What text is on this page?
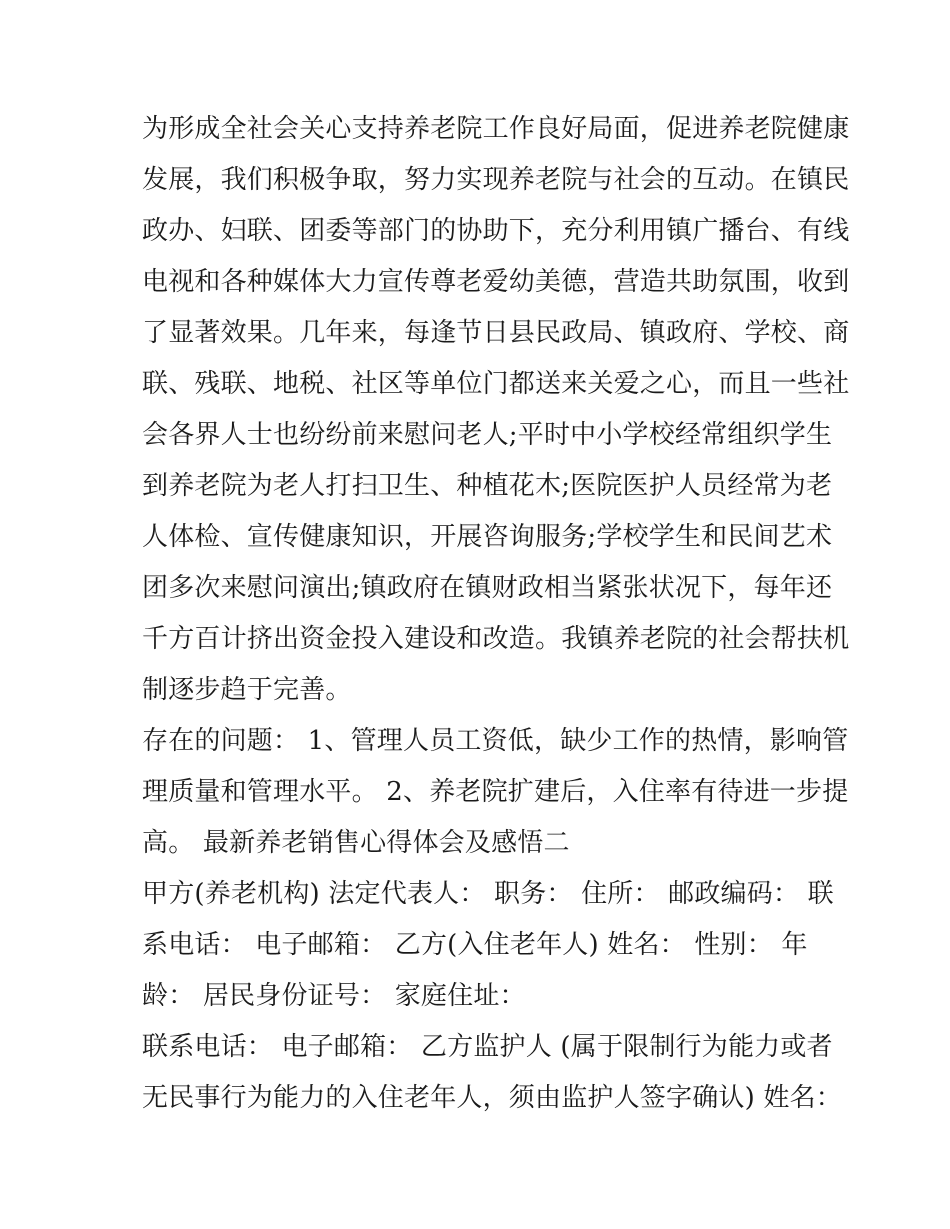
为形成全社会关心支持养老院工作良好局面，促进养老院健康
发展，我们积极争取，努力实现养老院与社会的互动。在镇民
政办、妇联、团委等部门的协助下，充分利用镇广播台、有线
电视和各种媒体大力宣传尊老爱幼美德，营造共助氛围，收到
了显著效果。几年来，每逢节日县民政局、镇政府、学校、商
联、残联、地税、社区等单位门都送来关爱之心，而且一些社
会各界人士也纷纷前来慰问老人;平时中小学校经常组织学生
到养老院为老人打扫卫生、种植花木;医院医护人员经常为老
人体检、宣传健康知识，开展咨询服务;学校学生和民间艺术
团多次来慰问演出;镇政府在镇财政相当紧张状况下，每年还
千方百计挤出资金投入建设和改造。我镇养老院的社会帮扶机
制逐步趋于完善。
存在的问题： 1、管理人员工资低，缺少工作的热情，影响管
理质量和管理水平。 2、养老院扩建后，入住率有待进一步提
高。 最新养老销售心得体会及感悟二
甲方(养老机构) 法定代表人： 职务： 住所： 邮政编码： 联
系电话： 电子邮箱： 乙方(入住老年人) 姓名： 性别： 年
龄： 居民身份证号： 家庭住址：
联系电话： 电子邮箱： 乙方监护人 (属于限制行为能力或者
无民事行为能力的入住老年人，须由监护人签字确认) 姓名：
